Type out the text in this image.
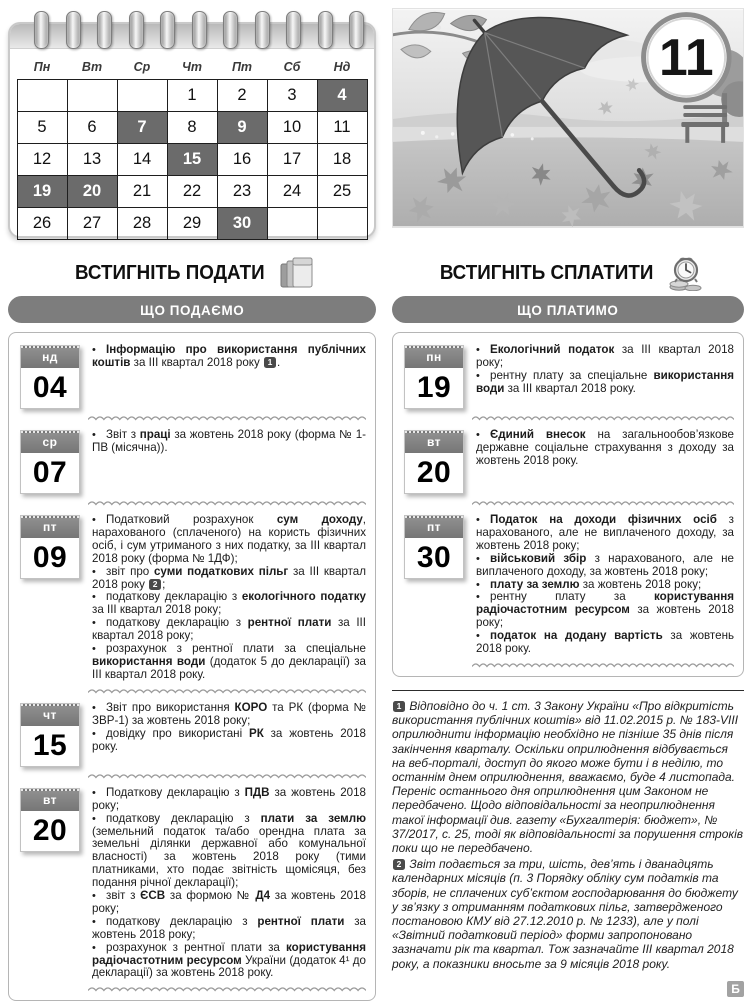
Пн	Вт	Ср	Чт	Пт	Сб	Нд
			1	2	3	4
5	6	7	8	9	10	11
12	13	14	15	16	17	18
19	20	21	22	23	24	25
26	27	28	29	30		
11
ВСТИГНІТЬ ПОДАТИ
ЩО ПОДАЄМО
нд
04
• Інформацію про використання публічних коштів за III квартал 2018 року 1 .
ср
07
• Звіт з праці за жовтень 2018 року (форма № 1-ПВ (місячна)).
пт
09
• Податковий розрахунок сум доходу, нарахованого (сплаченого) на користь фізичних осіб, і сум утриманого з них податку, за III квартал 2018 року (форма № 1ДФ);
• звіт про суми податкових пільг за III квартал 2018 року 2 ;
• податкову декларацію з екологічного податку за III квартал 2018 року;
• податкову декларацію з рентної плати за III квартал 2018 року;
• розрахунок з рентної плати за спеціальне використання води (додаток 5 до декларації) за III квартал 2018 року.
чт
15
• Звіт про використання КОРО та РК (форма № ЗВР-1) за жовтень 2018 року;
• довідку про використані РК за жовтень 2018 року.
вт
20
• Податкову декларацію з ПДВ за жовтень 2018 року;
• податкову декларацію з плати за землю (земельний податок та/або орендна плата за земельні ділянки державної або комунальної власності) за жовтень 2018 року (тими платниками, хто подає звітність щомісяця, без подання річної декларації);
• звіт з ЄСВ за формою № Д4 за жовтень 2018 року;
• податкову декларацію з рентної плати за жовтень 2018 року;
• розрахунок з рентної плати за користування радіочастотним ресурсом України (додаток 4¹ до декларації) за жовтень 2018 року.
ВСТИГНІТЬ СПЛАТИТИ
ЩО ПЛАТИМО
пн
19
• Екологічний податок за III квартал 2018 року;
• рентну плату за спеціальне використання води за III квартал 2018 року.
вт
20
• Єдиний внесок на загальнообов’язкове державне соціальне страхування з доходу за жовтень 2018 року.
пт
30
• Податок на доходи фізичних осіб з нарахованого, але не виплаченого доходу, за жовтень 2018 року;
• військовий збір з нарахованого, але не виплаченого доходу, за жовтень 2018 року;
• плату за землю за жовтень 2018 року;
• рентну плату за користування радіочастотним ресурсом за жовтень 2018 року;
• податок на додану вартість за жовтень 2018 року.
1 Відповідно до ч. 1 ст. 3 Закону України «Про відкритість використання публічних коштів» від 11.02.2015 р. № 183-VIII оприлюднити інформацію необхідно не пізніше 35 днів після закінчення кварталу. Оскільки оприлюднення відбувається на веб-порталі, доступ до якого може бути і в неділю, то останнім днем оприлюднення, вважаємо, буде 4 листопада. Переніс останнього дня оприлюднення цим Законом не передбачено. Щодо відповідальності за неоприлюднення такої інформації див. газету «Бухгалтерія: бюджет», № 37/2017, с. 25, тоді як відповідальності за порушення строків поки що не передбачено.
2 Звіт подається за три, шість, дев’ять і дванадцять календарних місяців (п. 3 Порядку обліку сум податків та зборів, не сплачених суб’єктом господарювання до бюджету у зв’язку з отриманням податкових пільг, затвердженого постановою КМУ від 27.12.2010 р. № 1233), але у полі «Звітний податковий період» форми запропоновано зазначати рік та квартал. Тож зазначайте III квартал 2018 року, а показники вносьте за 9 місяців 2018 року.
Б
